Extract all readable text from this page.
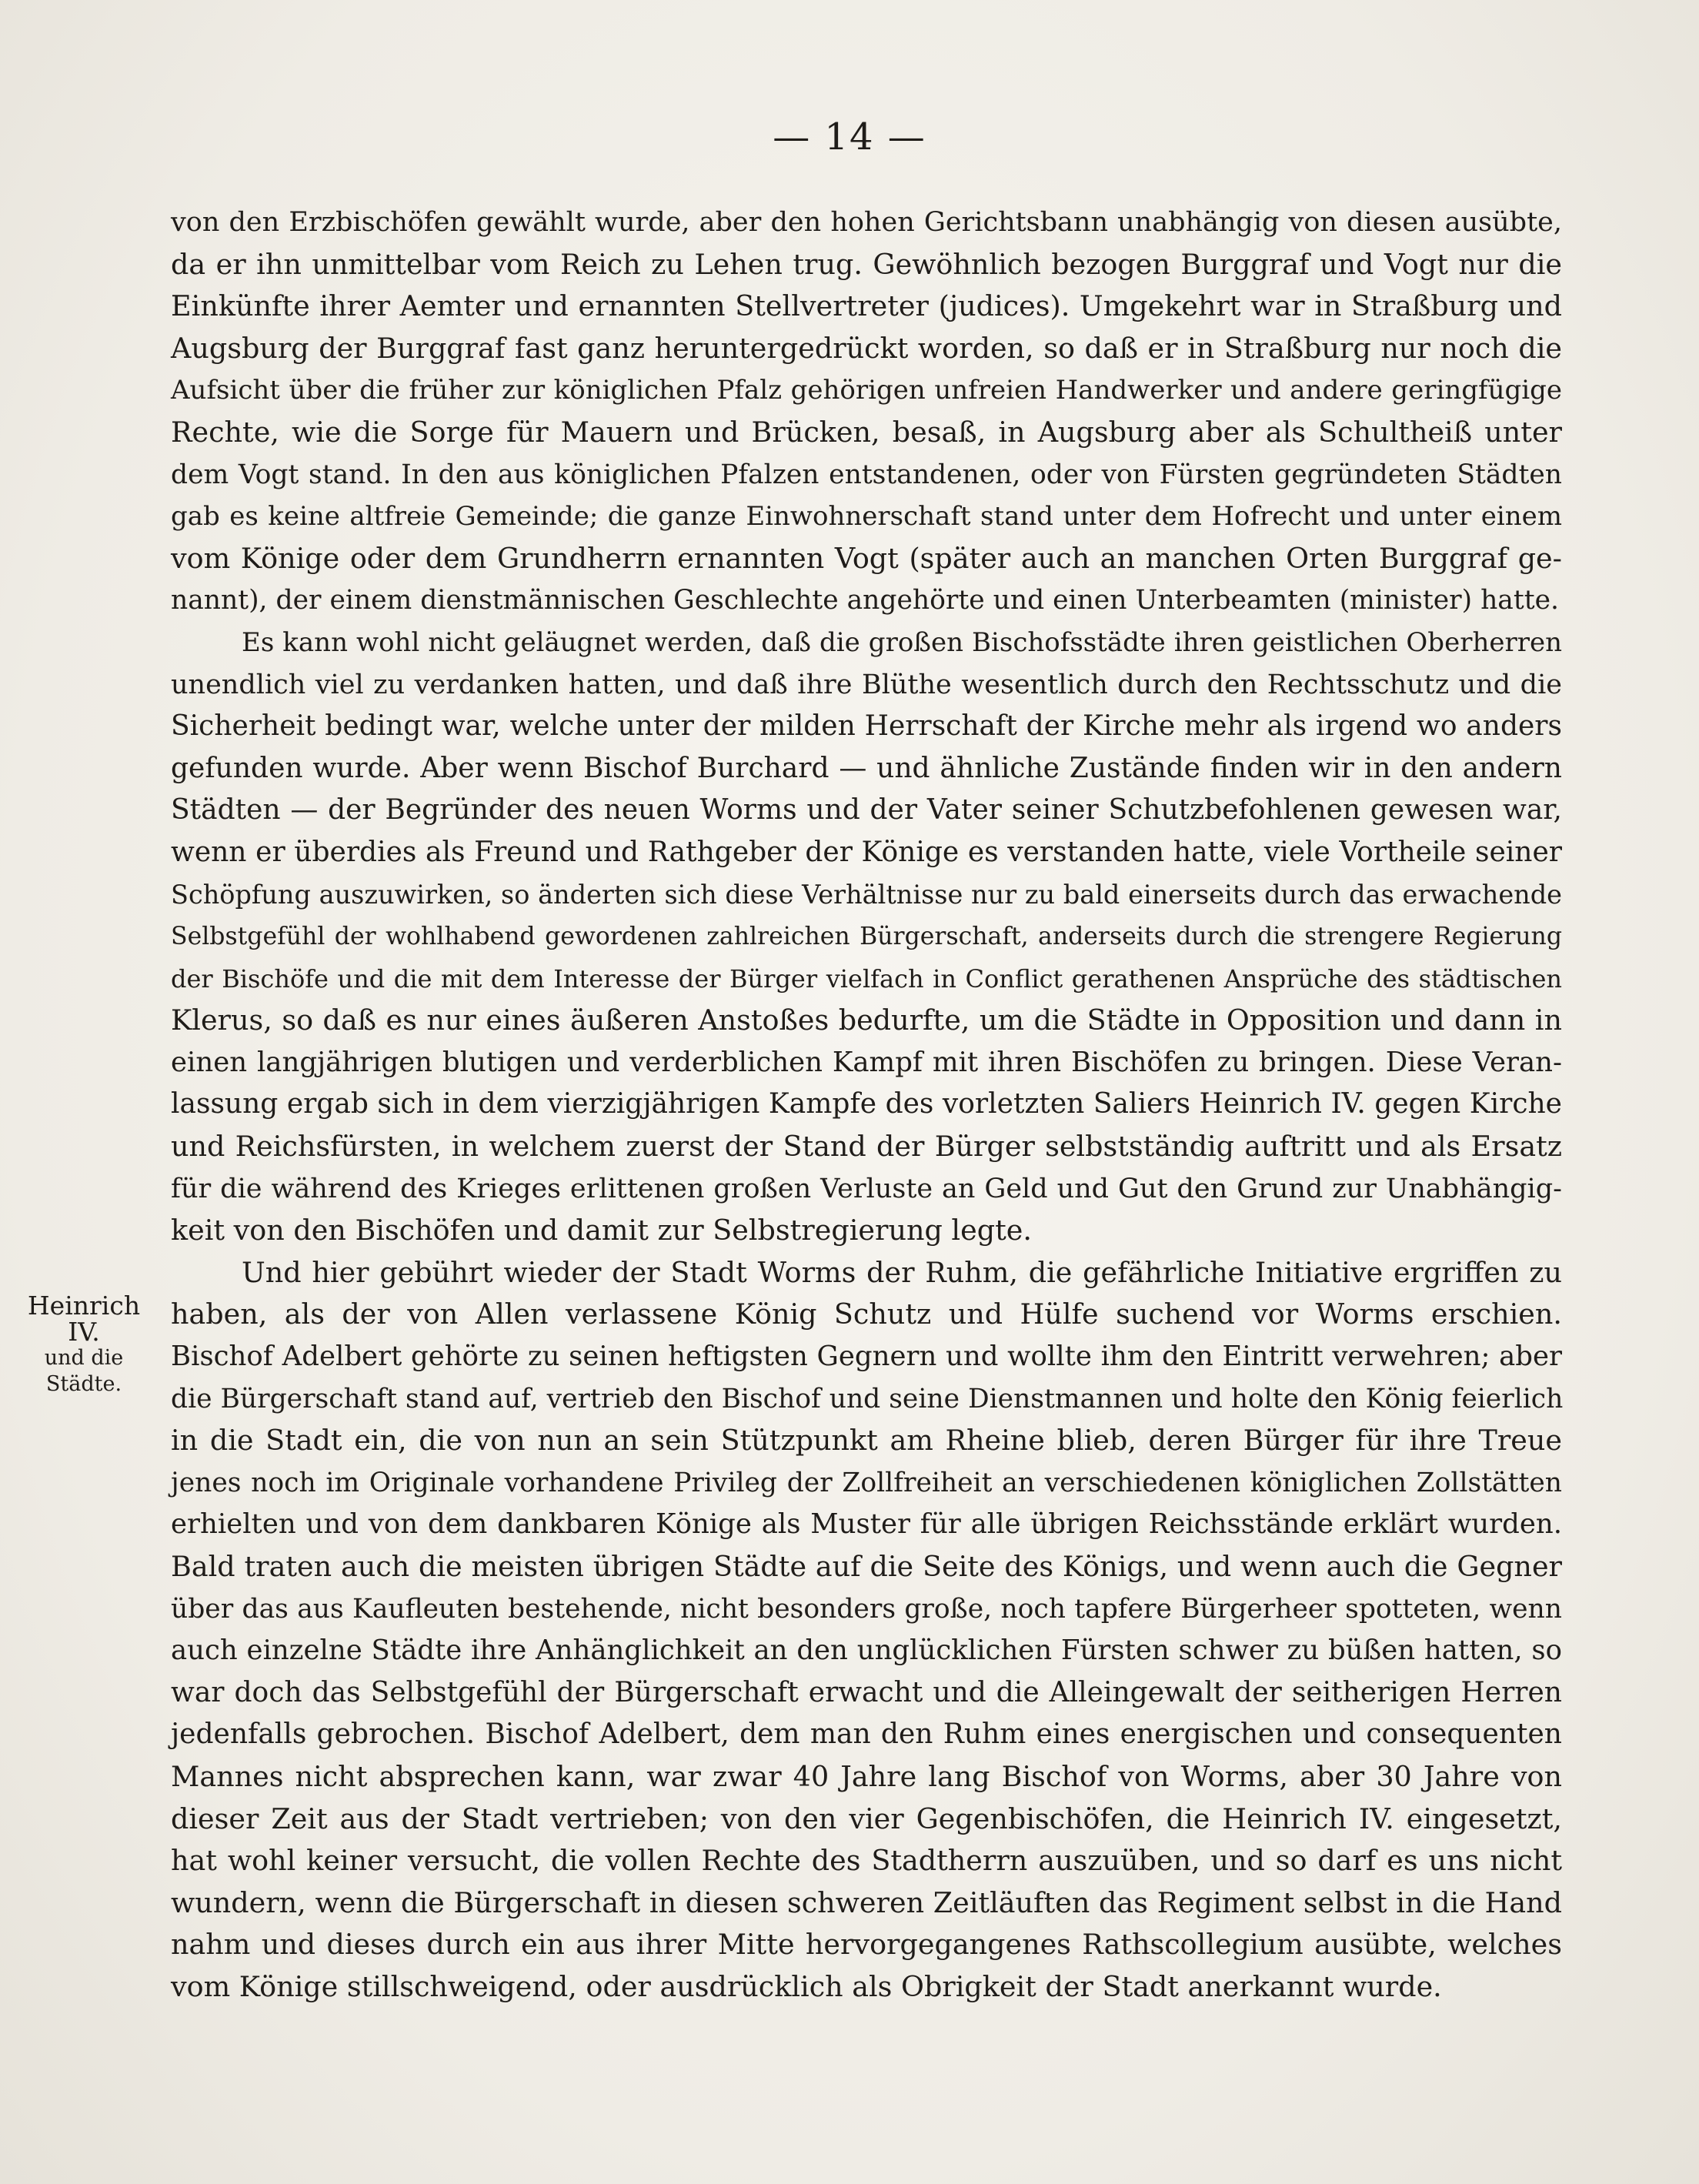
— 14 —
Heinrich IV.
und die
Städte.
von den Erzbischöfen gewählt wurde, aber den hohen Gerichtsbann unabhängig von diesen ausübte,
da er ihn unmittelbar vom Reich zu Lehen trug. Gewöhnlich bezogen Burggraf und Vogt nur die
Einkünfte ihrer Aemter und ernannten Stellvertreter (judices). Umgekehrt war in Straßburg und
Augsburg der Burggraf fast ganz heruntergedrückt worden, so daß er in Straßburg nur noch die
Aufsicht über die früher zur königlichen Pfalz gehörigen unfreien Handwerker und andere geringfügige
Rechte, wie die Sorge für Mauern und Brücken, besaß, in Augsburg aber als Schultheiß unter
dem Vogt stand. In den aus königlichen Pfalzen entstandenen, oder von Fürsten gegründeten Städten
gab es keine altfreie Gemeinde; die ganze Einwohnerschaft stand unter dem Hofrecht und unter einem
vom Könige oder dem Grundherrn ernannten Vogt (später auch an manchen Orten Burggraf ge-
nannt), der einem dienstmännischen Geschlechte angehörte und einen Unterbeamten (minister) hatte.
Es kann wohl nicht geläugnet werden, daß die großen Bischofsstädte ihren geistlichen Oberherren
unendlich viel zu verdanken hatten, und daß ihre Blüthe wesentlich durch den Rechtsschutz und die
Sicherheit bedingt war, welche unter der milden Herrschaft der Kirche mehr als irgend wo anders
gefunden wurde. Aber wenn Bischof Burchard — und ähnliche Zustände finden wir in den andern
Städten — der Begründer des neuen Worms und der Vater seiner Schutzbefohlenen gewesen war,
wenn er überdies als Freund und Rathgeber der Könige es verstanden hatte, viele Vortheile seiner
Schöpfung auszuwirken, so änderten sich diese Verhältnisse nur zu bald einerseits durch das erwachende
Selbstgefühl der wohlhabend gewordenen zahlreichen Bürgerschaft, anderseits durch die strengere Regierung
der Bischöfe und die mit dem Interesse der Bürger vielfach in Conflict gerathenen Ansprüche des städtischen
Klerus, so daß es nur eines äußeren Anstoßes bedurfte, um die Städte in Opposition und dann in
einen langjährigen blutigen und verderblichen Kampf mit ihren Bischöfen zu bringen. Diese Veran-
lassung ergab sich in dem vierzigjährigen Kampfe des vorletzten Saliers Heinrich IV. gegen Kirche
und Reichsfürsten, in welchem zuerst der Stand der Bürger selbstständig auftritt und als Ersatz
für die während des Krieges erlittenen großen Verluste an Geld und Gut den Grund zur Unabhängig-
keit von den Bischöfen und damit zur Selbstregierung legte.
Und hier gebührt wieder der Stadt Worms der Ruhm, die gefährliche Initiative ergriffen zu
haben, als der von Allen verlassene König Schutz und Hülfe suchend vor Worms erschien.
Bischof Adelbert gehörte zu seinen heftigsten Gegnern und wollte ihm den Eintritt verwehren; aber
die Bürgerschaft stand auf, vertrieb den Bischof und seine Dienstmannen und holte den König feierlich
in die Stadt ein, die von nun an sein Stützpunkt am Rheine blieb, deren Bürger für ihre Treue
jenes noch im Originale vorhandene Privileg der Zollfreiheit an verschiedenen königlichen Zollstätten
erhielten und von dem dankbaren Könige als Muster für alle übrigen Reichsstände erklärt wurden.
Bald traten auch die meisten übrigen Städte auf die Seite des Königs, und wenn auch die Gegner
über das aus Kaufleuten bestehende, nicht besonders große, noch tapfere Bürgerheer spotteten, wenn
auch einzelne Städte ihre Anhänglichkeit an den unglücklichen Fürsten schwer zu büßen hatten, so
war doch das Selbstgefühl der Bürgerschaft erwacht und die Alleingewalt der seitherigen Herren
jedenfalls gebrochen. Bischof Adelbert, dem man den Ruhm eines energischen und consequenten
Mannes nicht absprechen kann, war zwar 40 Jahre lang Bischof von Worms, aber 30 Jahre von
dieser Zeit aus der Stadt vertrieben; von den vier Gegenbischöfen, die Heinrich IV. eingesetzt,
hat wohl keiner versucht, die vollen Rechte des Stadtherrn auszuüben, und so darf es uns nicht
wundern, wenn die Bürgerschaft in diesen schweren Zeitläuften das Regiment selbst in die Hand
nahm und dieses durch ein aus ihrer Mitte hervorgegangenes Rathscollegium ausübte, welches
vom Könige stillschweigend, oder ausdrücklich als Obrigkeit der Stadt anerkannt wurde.
